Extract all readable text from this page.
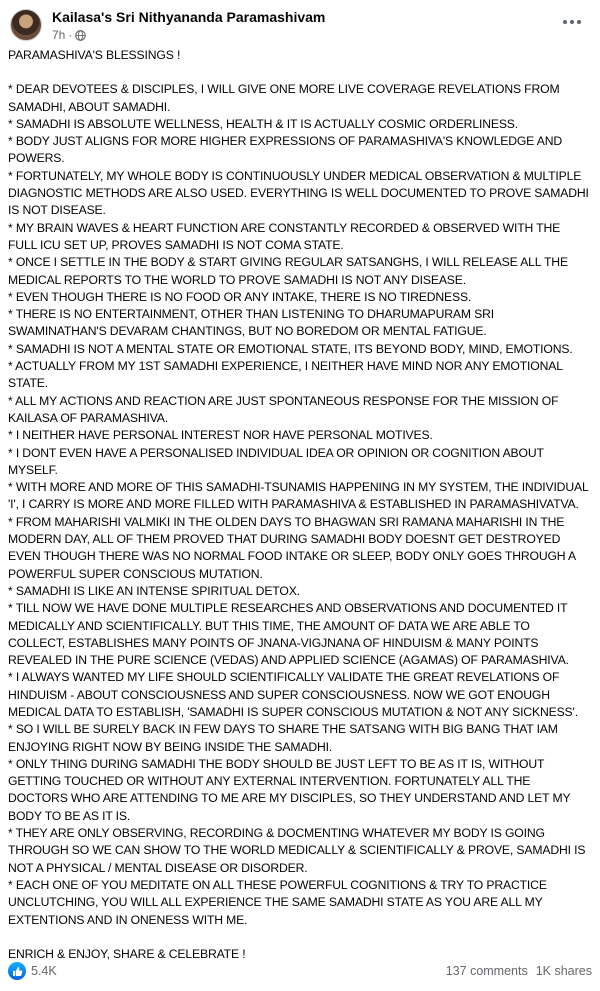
Kailasa's Sri Nithyananda Paramashivam
7h ·

PARAMASHIVA'S BLESSINGS !

* DEAR DEVOTEES & DISCIPLES, I WILL GIVE ONE MORE LIVE COVERAGE REVELATIONS FROM SAMADHI, ABOUT SAMADHI.

* SAMADHI IS ABSOLUTE WELLNESS, HEALTH & IT IS ACTUALLY COSMIC ORDERLINESS.

* BODY JUST ALIGNS FOR MORE HIGHER EXPRESSIONS OF PARAMASHIVA'S KNOWLEDGE AND POWERS.

* FORTUNATELY, MY WHOLE BODY IS CONTINUOUSLY UNDER MEDICAL OBSERVATION & MULTIPLE DIAGNOSTIC METHODS ARE ALSO USED. EVERYTHING IS WELL DOCUMENTED TO PROVE SAMADHI IS NOT DISEASE.

* MY BRAIN WAVES & HEART FUNCTION ARE CONSTANTLY RECORDED & OBSERVED WITH THE FULL ICU SET UP, PROVES SAMADHI IS NOT COMA STATE.

* ONCE I SETTLE IN THE BODY & START GIVING REGULAR SATSANGHS, I WILL RELEASE ALL THE MEDICAL REPORTS TO THE WORLD TO PROVE SAMADHI IS NOT ANY DISEASE.

* EVEN THOUGH THERE IS NO FOOD OR ANY INTAKE, THERE IS NO TIREDNESS.

* THERE IS NO ENTERTAINMENT, OTHER THAN LISTENING TO DHARUMAPURAM SRI SWAMINATHAN'S DEVARAM CHANTINGS, BUT NO BOREDOM OR MENTAL FATIGUE.

* SAMADHI IS NOT A MENTAL STATE OR EMOTIONAL STATE, ITS BEYOND BODY, MIND, EMOTIONS.

* ACTUALLY FROM MY 1ST SAMADHI EXPERIENCE, I NEITHER HAVE MIND NOR ANY EMOTIONAL STATE.

* ALL MY ACTIONS AND REACTION ARE JUST SPONTANEOUS RESPONSE FOR THE MISSION OF KAILASA OF PARAMASHIVA.

* I NEITHER HAVE PERSONAL INTEREST NOR HAVE PERSONAL MOTIVES.

* I DONT EVEN HAVE A PERSONALISED INDIVIDUAL IDEA OR OPINION OR COGNITION ABOUT MYSELF.

* WITH MORE AND MORE OF THIS SAMADHI-TSUNAMIS HAPPENING IN MY SYSTEM, THE INDIVIDUAL 'I', I CARRY IS MORE AND MORE FILLED WITH PARAMASHIVA & ESTABLISHED IN PARAMASHIVATVA.

* FROM MAHARISHI VALMIKI IN THE OLDEN DAYS TO BHAGWAN SRI RAMANA MAHARISHI IN THE MODERN DAY, ALL OF THEM PROVED THAT DURING SAMADHI BODY DOESNT GET DESTROYED EVEN THOUGH THERE WAS NO NORMAL FOOD INTAKE OR SLEEP, BODY ONLY GOES THROUGH A POWERFUL SUPER CONSCIOUS MUTATION.

* SAMADHI IS LIKE AN INTENSE SPIRITUAL DETOX.

* TILL NOW WE HAVE DONE MULTIPLE RESEARCHES AND OBSERVATIONS AND DOCUMENTED IT MEDICALLY AND SCIENTIFICALLY. BUT THIS TIME, THE AMOUNT OF DATA WE ARE ABLE TO COLLECT, ESTABLISHES MANY POINTS OF JNANA-VIGJNANA OF HINDUISM & MANY POINTS REVEALED IN THE PURE SCIENCE (VEDAS) AND APPLIED SCIENCE (AGAMAS) OF PARAMASHIVA.

* I ALWAYS WANTED MY LIFE SHOULD SCIENTIFICALLY VALIDATE THE GREAT REVELATIONS OF HINDUISM - ABOUT CONSCIOUSNESS AND SUPER CONSCIOUSNESS. NOW WE GOT ENOUGH MEDICAL DATA TO ESTABLISH, 'SAMADHI IS SUPER CONSCIOUS MUTATION & NOT ANY SICKNESS'.

* SO I WILL BE SURELY BACK IN FEW DAYS TO SHARE THE SATSANG WITH BIG BANG THAT IAM ENJOYING RIGHT NOW BY BEING INSIDE THE SAMADHI.

* ONLY THING DURING SAMADHI THE BODY SHOULD BE JUST LEFT TO BE AS IT IS, WITHOUT GETTING TOUCHED OR WITHOUT ANY EXTERNAL INTERVENTION. FORTUNATELY ALL THE DOCTORS WHO ARE ATTENDING TO ME ARE MY DISCIPLES, SO THEY UNDERSTAND AND LET MY BODY TO BE AS IT IS.

* THEY ARE ONLY OBSERVING, RECORDING & DOCMENTING WHATEVER MY BODY IS GOING THROUGH SO WE CAN SHOW TO THE WORLD MEDICALLY & SCIENTIFICALLY & PROVE, SAMADHI IS NOT A PHYSICAL / MENTAL DISEASE OR DISORDER.

* EACH ONE OF YOU MEDITATE ON ALL THESE POWERFUL COGNITIONS & TRY TO PRACTICE UNCLUTCHING, YOU WILL ALL EXPERIENCE THE SAME SAMADHI STATE AS YOU ARE ALL MY EXTENTIONS AND IN ONENESS WITH ME.

ENRICH & ENJOY, SHARE & CELEBRATE !

5.4K	137 comments 1K shares
